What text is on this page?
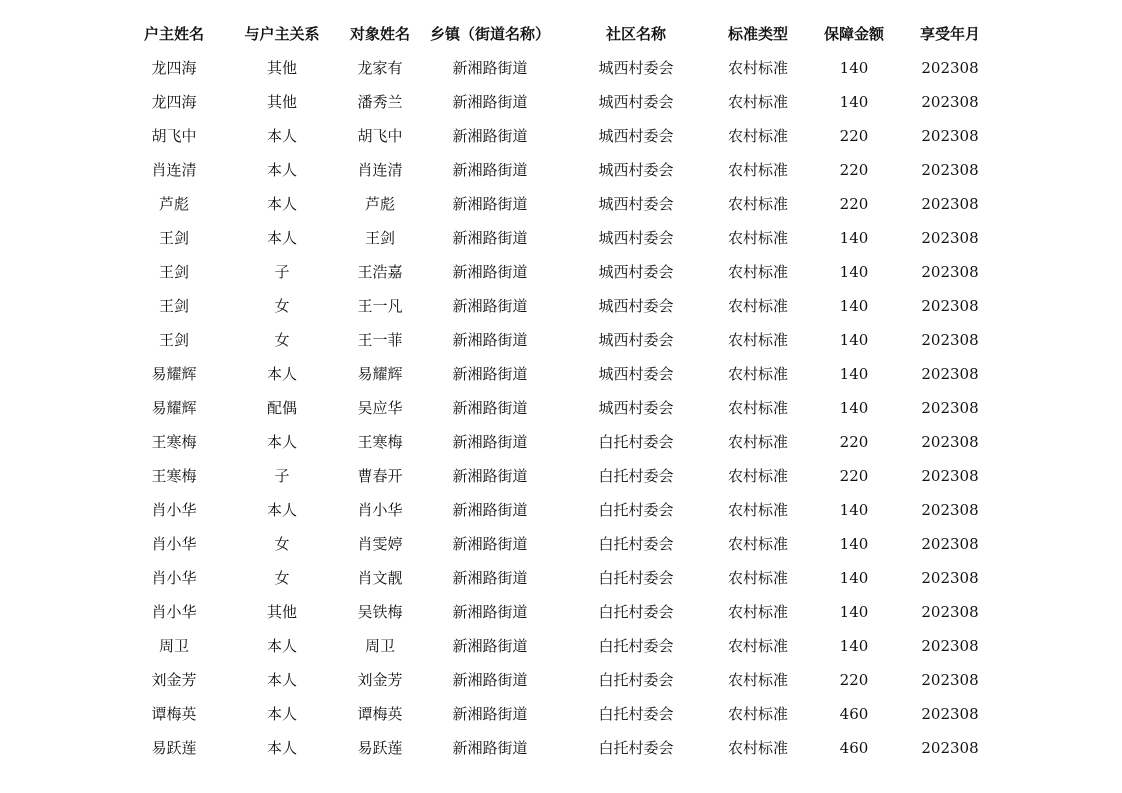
户主姓名	与户主关系	对象姓名	乡镇（街道名称）	社区名称	标准类型	保障金额	享受年月
龙四海	其他	龙家有	新湘路街道	城西村委会	农村标准	140	202308
龙四海	其他	潘秀兰	新湘路街道	城西村委会	农村标准	140	202308
胡飞中	本人	胡飞中	新湘路街道	城西村委会	农村标准	220	202308
肖连清	本人	肖连清	新湘路街道	城西村委会	农村标准	220	202308
芦彪	本人	芦彪	新湘路街道	城西村委会	农村标准	220	202308
王剑	本人	王剑	新湘路街道	城西村委会	农村标准	140	202308
王剑	子	王浩嘉	新湘路街道	城西村委会	农村标准	140	202308
王剑	女	王一凡	新湘路街道	城西村委会	农村标准	140	202308
王剑	女	王一菲	新湘路街道	城西村委会	农村标准	140	202308
易耀辉	本人	易耀辉	新湘路街道	城西村委会	农村标准	140	202308
易耀辉	配偶	吴应华	新湘路街道	城西村委会	农村标准	140	202308
王寒梅	本人	王寒梅	新湘路街道	白托村委会	农村标准	220	202308
王寒梅	子	曹春开	新湘路街道	白托村委会	农村标准	220	202308
肖小华	本人	肖小华	新湘路街道	白托村委会	农村标准	140	202308
肖小华	女	肖雯婷	新湘路街道	白托村委会	农村标准	140	202308
肖小华	女	肖文靓	新湘路街道	白托村委会	农村标准	140	202308
肖小华	其他	吴铁梅	新湘路街道	白托村委会	农村标准	140	202308
周卫	本人	周卫	新湘路街道	白托村委会	农村标准	140	202308
刘金芳	本人	刘金芳	新湘路街道	白托村委会	农村标准	220	202308
谭梅英	本人	谭梅英	新湘路街道	白托村委会	农村标准	460	202308
易跃莲	本人	易跃莲	新湘路街道	白托村委会	农村标准	460	202308
